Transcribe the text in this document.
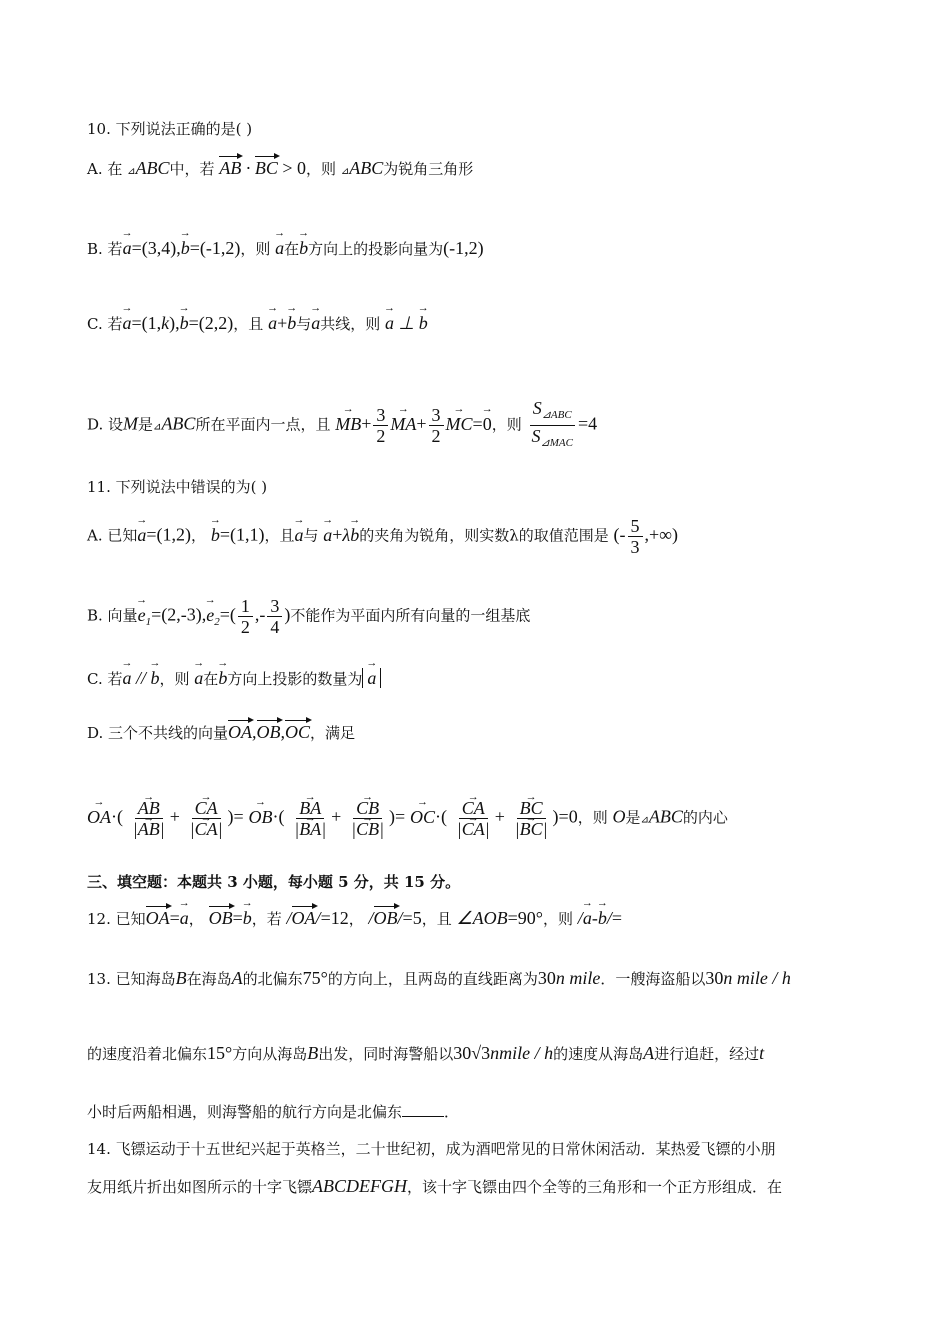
10. 下列说法正确的是( )
A. 在 ⊿ABC中，若 AB · BC > 0，则 ⊿ABC为锐角三角形
B. 若→ a=(3,4),→ b=(-1,2)，则 → a在→ b方向上的投影向量为(-1,2)
C. 若→ a=(1,k),→ b=(2,2)，且 → a+→ b与→ a共线，则 → a ⊥ → b
D. 设M是⊿ABC所在平面内一点，且 → $MB+ \frac{3}{2}$
→ $MA+ \frac{3}{2}$
→ MC=→ 0，则 $\frac{S_{⊿ABC}}{S_{⊿MAC}} =4$
11. 下列说法中错误的为( )
A. 已知→ a=(1,2)， → b=(1,1)，且→ a与 → a+λ→ b的夹角为锐角，则实数λ的取值范围是 (- $\frac{5}{3}$ ,+∞)
B. 向量→ $e_1=(2,-3),\to e_2=( \frac{1}{2}$ ,- $\frac{3}{4}$ )不能作为平面内所有向量的一组基底
C. 若→ a // → b，则 → a在→ b方向上投影的数量为→ a
D. 三个不共线的向量OA,OB,OC，满足
→ OA·(
→ $\frac{AB}{|\to AB|}$ +
→ $\frac{CA}{|\to CA|}$ )= → OB·(
→ $\frac{BA}{|\to BA|}$ +
→ $\frac{CB}{|\to CB|}$ )= → OC·(
→ $\frac{CA}{|\to CA|}$ +
→ $\frac{BC}{|\to BC|} )=0$，则 O是⊿ABC的内心
三、填空题：本题共 3 小题，每小题 5 分，共 15 分。
12. 已知OA=→ a， OB=→ b，若 /OA/=12， /OB/=5，且 ∠AOB=90°，则 /→ a-→ b/=
13. 已知海岛B在海岛A的北偏东75°的方向上，且两岛的直线距离为30n mile．一艘海盗船以30n mile / h
的速度沿着北偏东15°方向从海岛B出发，同时海警船以30√3nmile / h的速度从海岛A进行追赶，经过t
小时后两船相遇，则海警船的航行方向是北偏东	．
14. 飞镖运动于十五世纪兴起于英格兰，二十世纪初，成为酒吧常见的日常休闲活动．某热爱飞镖的小朋
友用纸片折出如图所示的十字飞镖ABCDEFGH，该十字飞镖由四个全等的三角形和一个正方形组成．在
